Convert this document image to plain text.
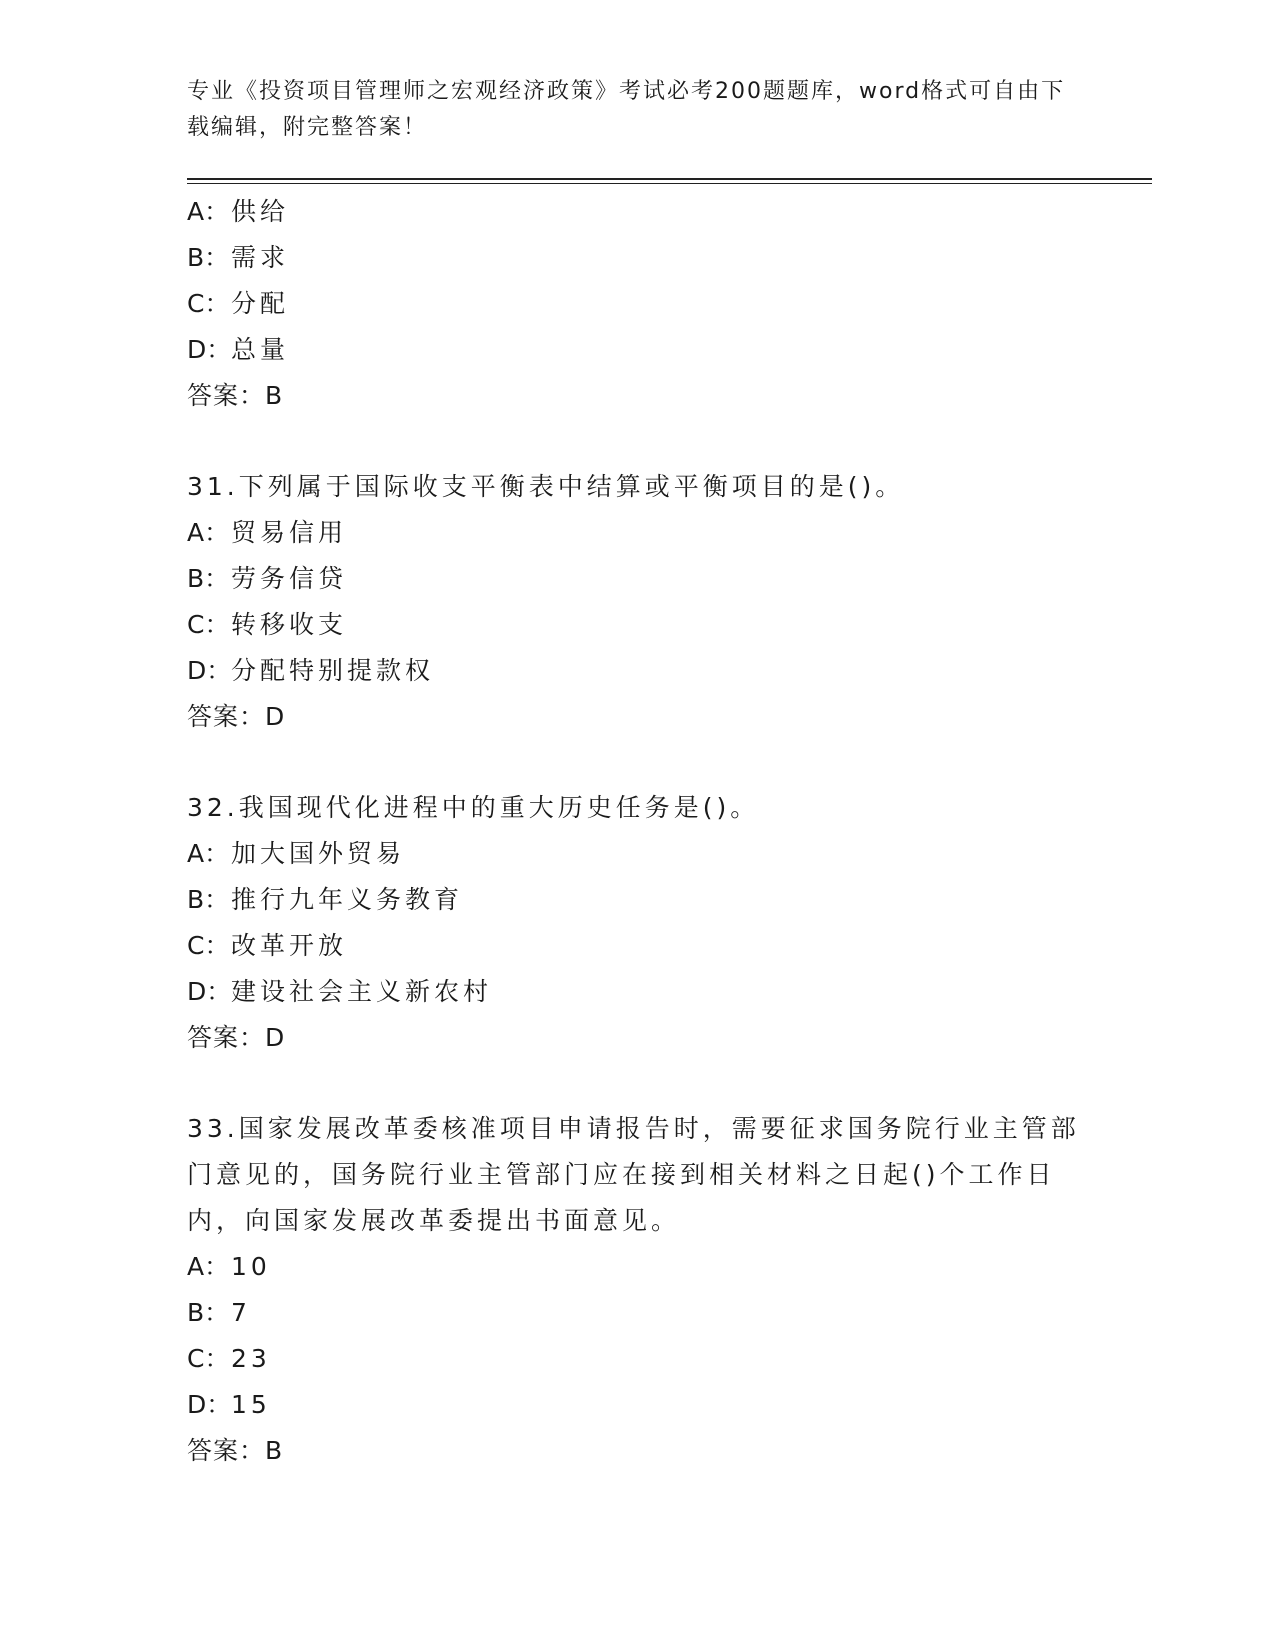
专业《投资项目管理师之宏观经济政策》考试必考200题题库，word格式可自由下载编辑，附完整答案！
A：供给
B：需求
C：分配
D：总量
答案：B
31.下列属于国际收支平衡表中结算或平衡项目的是()。
A：贸易信用
B：劳务信贷
C：转移收支
D：分配特别提款权
答案：D
32.我国现代化进程中的重大历史任务是()。
A：加大国外贸易
B：推行九年义务教育
C：改革开放
D：建设社会主义新农村
答案：D
33.国家发展改革委核准项目申请报告时，需要征求国务院行业主管部门意见的，国务院行业主管部门应在接到相关材料之日起()个工作日内，向国家发展改革委提出书面意见。
A：10
B：7
C：23
D：15
答案：B
